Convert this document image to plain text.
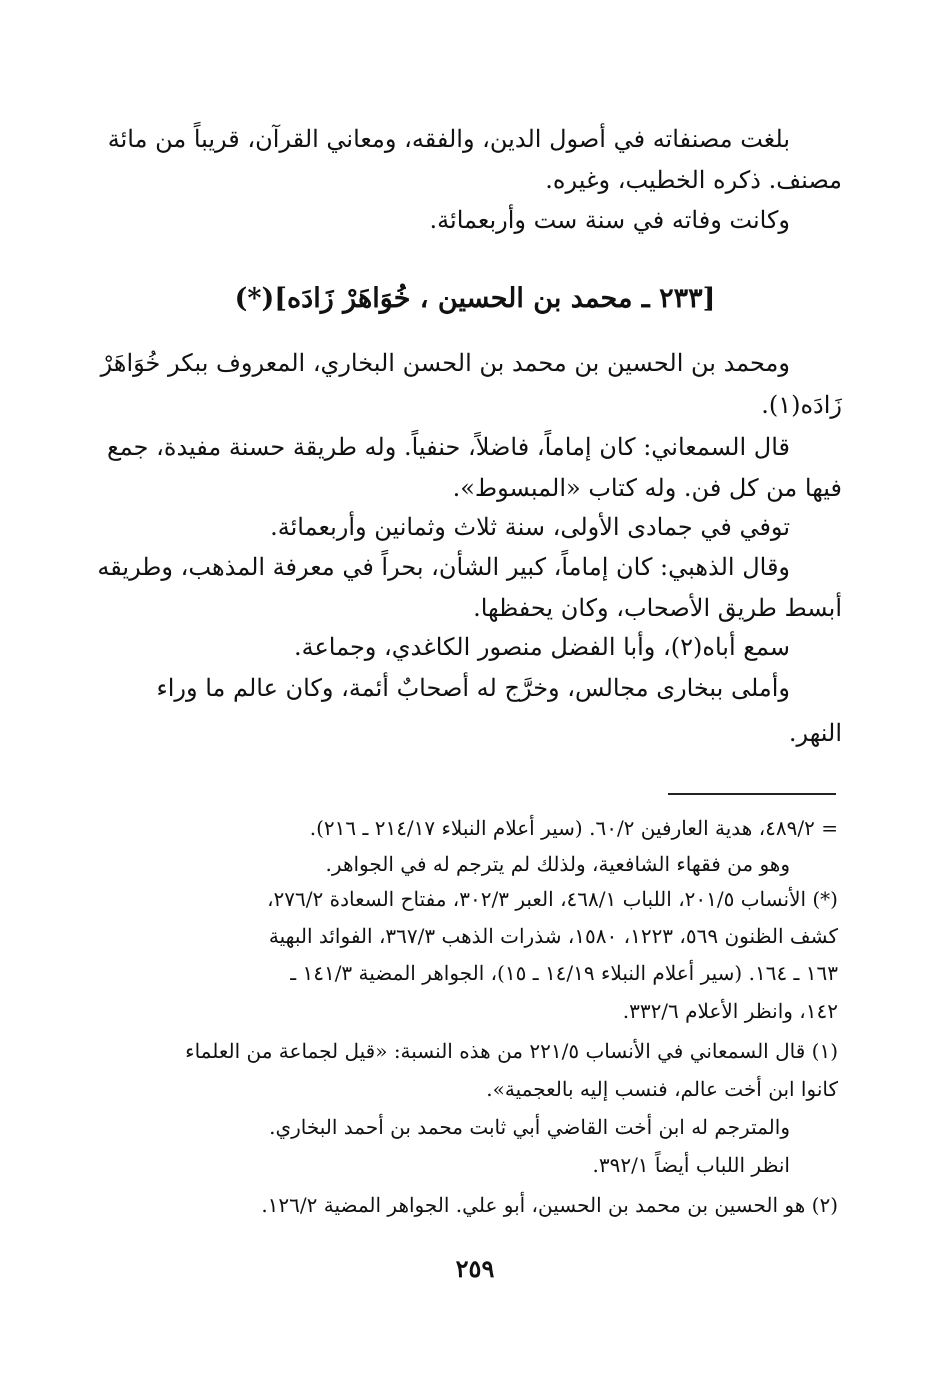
بلغت مصنفاته في أصول الدين، والفقه، ومعاني القرآن، قريباً من مائة
مصنف. ذكره الخطيب، وغيره.
وكانت وفاته في سنة ست وأربعمائة.
[٢٣٣ ـ محمد بن الحسين ، خُوَاهَرْ زَادَه](*)
ومحمد بن الحسين بن محمد بن الحسن البخاري، المعروف ببكر خُوَاهَرْ
زَادَه(١).
قال السمعاني: كان إماماً، فاضلاً، حنفياً. وله طريقة حسنة مفيدة، جمع
فيها من كل فن. وله كتاب «المبسوط».
توفي في جمادى الأولى، سنة ثلاث وثمانين وأربعمائة.
وقال الذهبي: كان إماماً، كبير الشأن، بحراً في معرفة المذهب، وطريقه
أبسط طريق الأصحاب، وكان يحفظها.
سمع أباه(٢)، وأبا الفضل منصور الكاغدي، وجماعة.
وأملى ببخارى مجالس، وخرَّج له أصحابٌ أئمة، وكان عالم ما وراء
النهر.
= ٤٨٩/٢، هدية العارفين ٦٠/٢. (سير أعلام النبلاء ٢١٤/١٧ ـ ٢١٦).
وهو من فقهاء الشافعية، ولذلك لم يترجم له في الجواهر.
(*) الأنساب ٢٠١/٥، اللباب ٤٦٨/١، العبر ٣٠٢/٣، مفتاح السعادة ٢٧٦/٢،
كشف الظنون ٥٦٩، ١٢٢٣، ١٥٨٠، شذرات الذهب ٣٦٧/٣، الفوائد البهية
١٦٣ ـ ١٦٤. (سير أعلام النبلاء ١٤/١٩ ـ ١٥)، الجواهر المضية ١٤١/٣ ـ
١٤٢، وانظر الأعلام ٣٣٢/٦.
(١) قال السمعاني في الأنساب ٢٢١/٥ من هذه النسبة: «قيل لجماعة من العلماء
كانوا ابن أخت عالم، فنسب إليه بالعجمية».
والمترجم له ابن أخت القاضي أبي ثابت محمد بن أحمد البخاري.
انظر اللباب أيضاً ٣٩٢/١.
(٢) هو الحسين بن محمد بن الحسين، أبو علي. الجواهر المضية ١٢٦/٢.
٢٥٩
